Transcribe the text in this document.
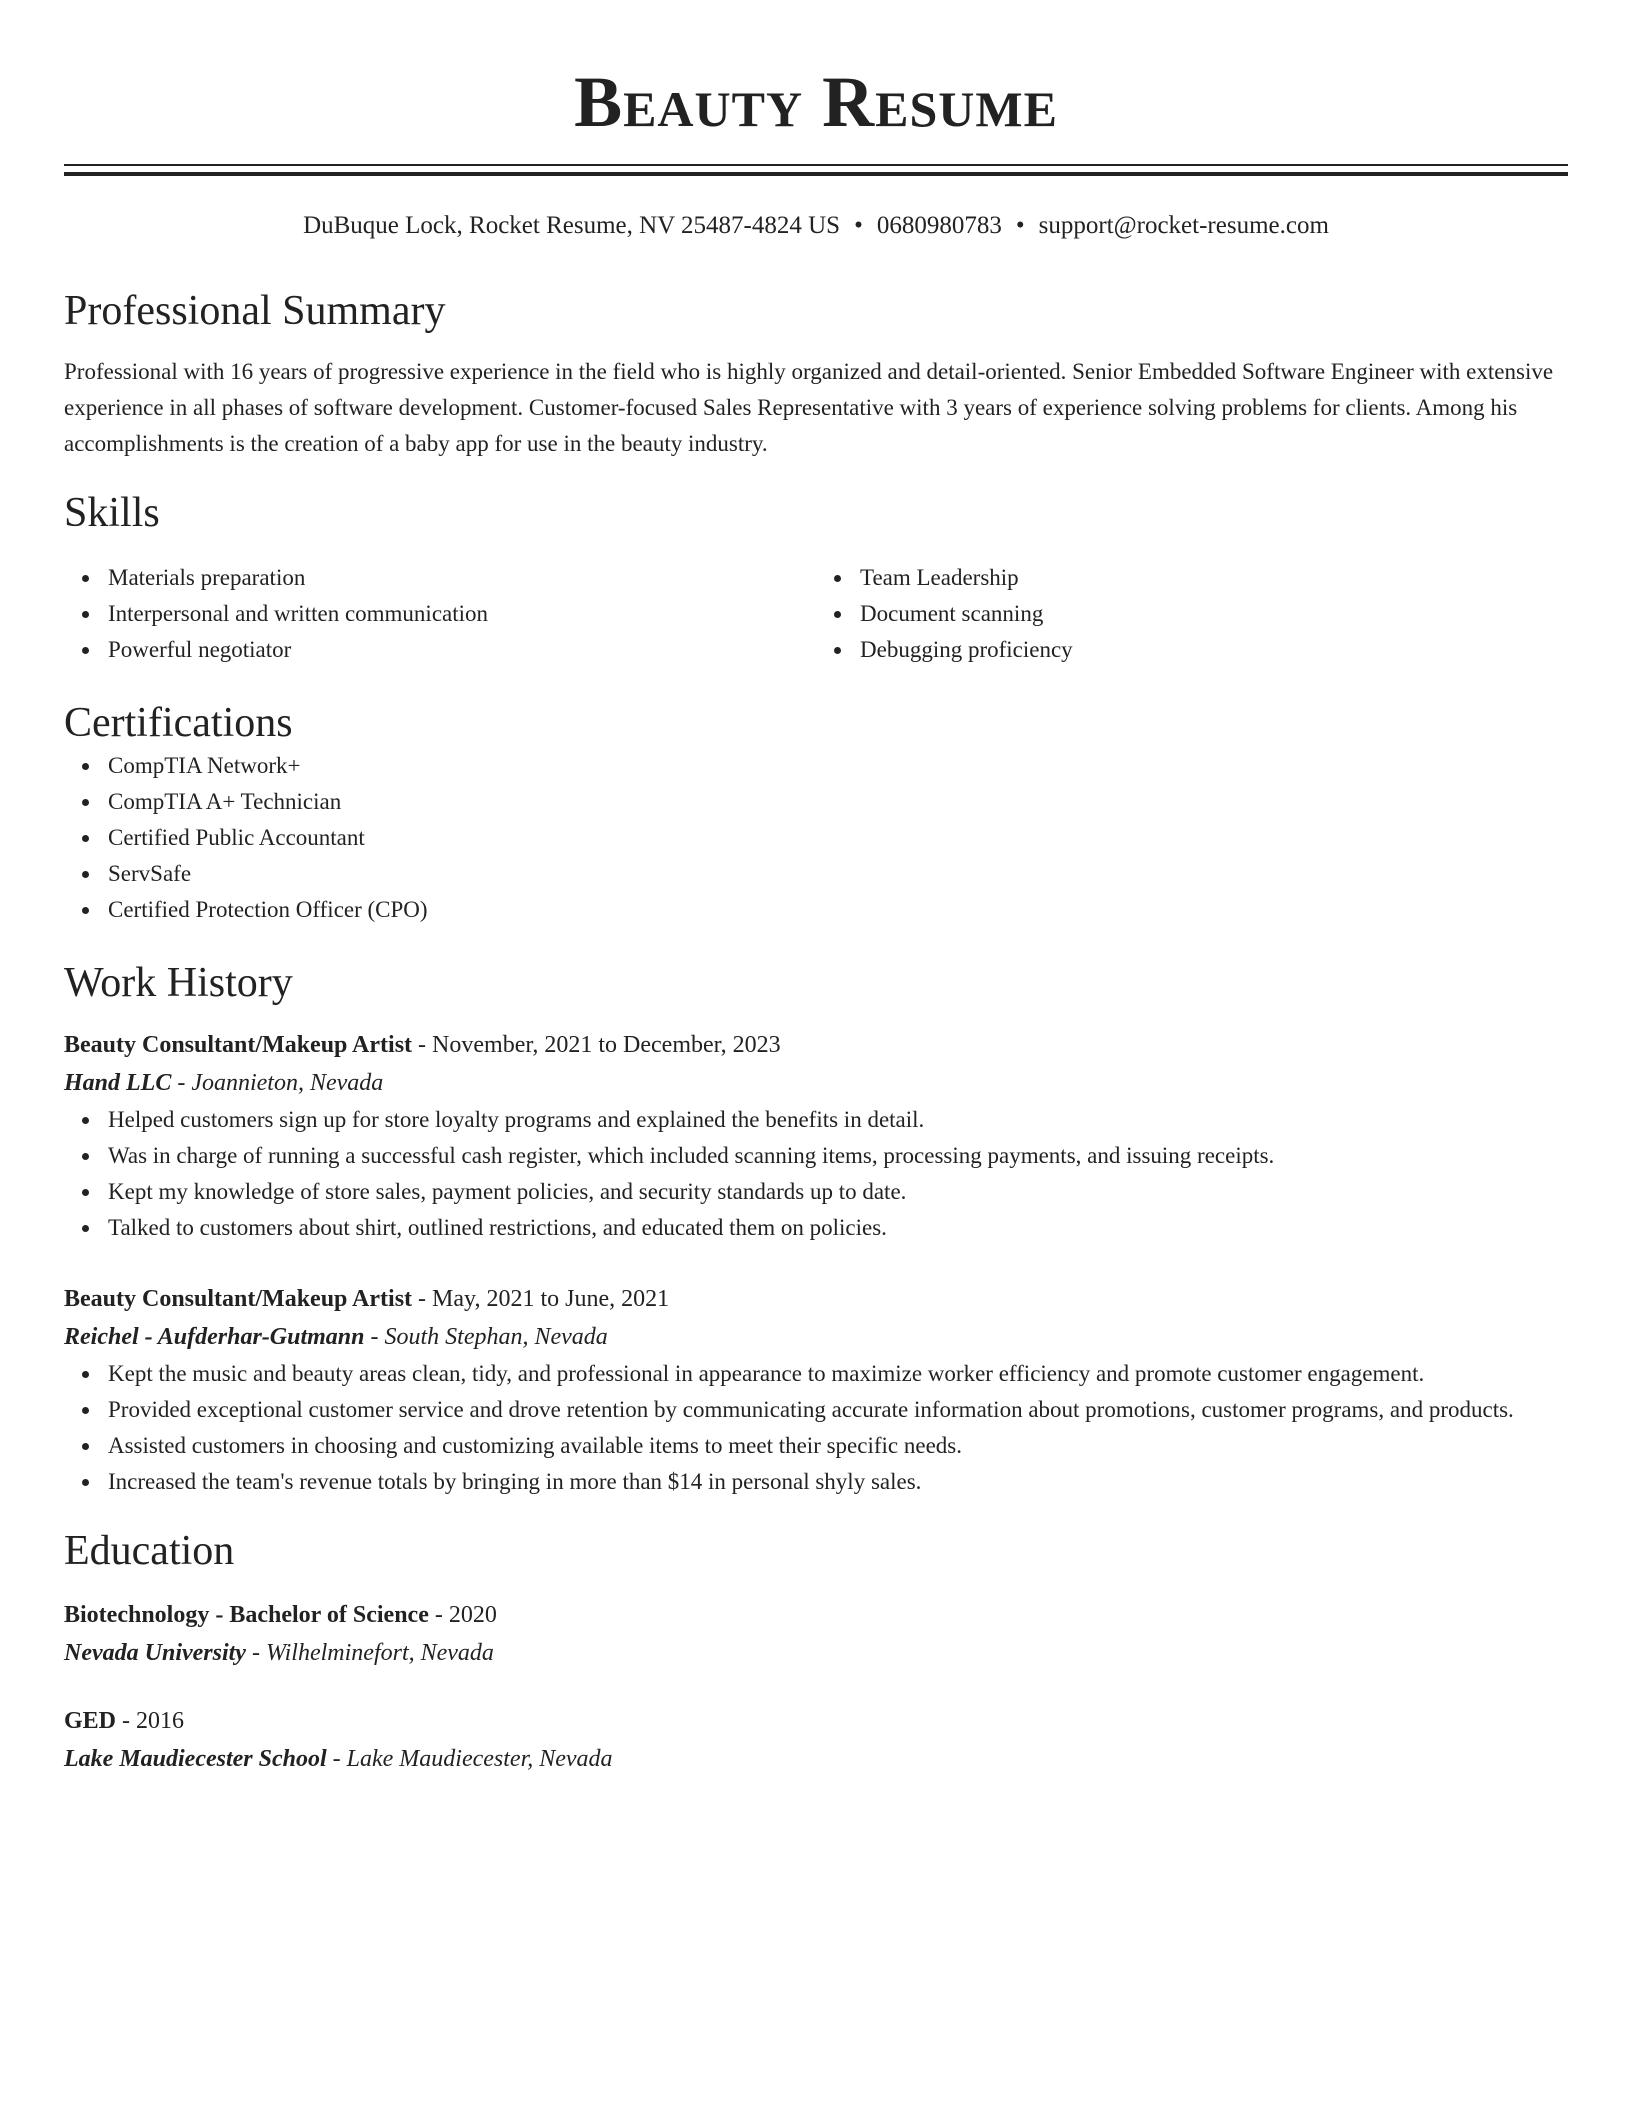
Beauty Resume
DuBuque Lock, Rocket Resume, NV 25487-4824 US • 0680980783 • support@rocket-resume.com
Professional Summary
Professional with 16 years of progressive experience in the field who is highly organized and detail-oriented. Senior Embedded Software Engineer with extensive experience in all phases of software development. Customer-focused Sales Representative with 3 years of experience solving problems for clients. Among his accomplishments is the creation of a baby app for use in the beauty industry.
Skills
Materials preparation
Interpersonal and written communication
Powerful negotiator
Team Leadership
Document scanning
Debugging proficiency
Certifications
CompTIA Network+
CompTIA A+ Technician
Certified Public Accountant
ServSafe
Certified Protection Officer (CPO)
Work History
Beauty Consultant/Makeup Artist - November, 2021 to December, 2023
Hand LLC - Joannieton, Nevada
Helped customers sign up for store loyalty programs and explained the benefits in detail.
Was in charge of running a successful cash register, which included scanning items, processing payments, and issuing receipts.
Kept my knowledge of store sales, payment policies, and security standards up to date.
Talked to customers about shirt, outlined restrictions, and educated them on policies.
Beauty Consultant/Makeup Artist - May, 2021 to June, 2021
Reichel - Aufderhar-Gutmann - South Stephan, Nevada
Kept the music and beauty areas clean, tidy, and professional in appearance to maximize worker efficiency and promote customer engagement.
Provided exceptional customer service and drove retention by communicating accurate information about promotions, customer programs, and products.
Assisted customers in choosing and customizing available items to meet their specific needs.
Increased the team's revenue totals by bringing in more than $14 in personal shyly sales.
Education
Biotechnology - Bachelor of Science - 2020
Nevada University - Wilhelminefort, Nevada
GED - 2016
Lake Maudiecester School - Lake Maudiecester, Nevada
